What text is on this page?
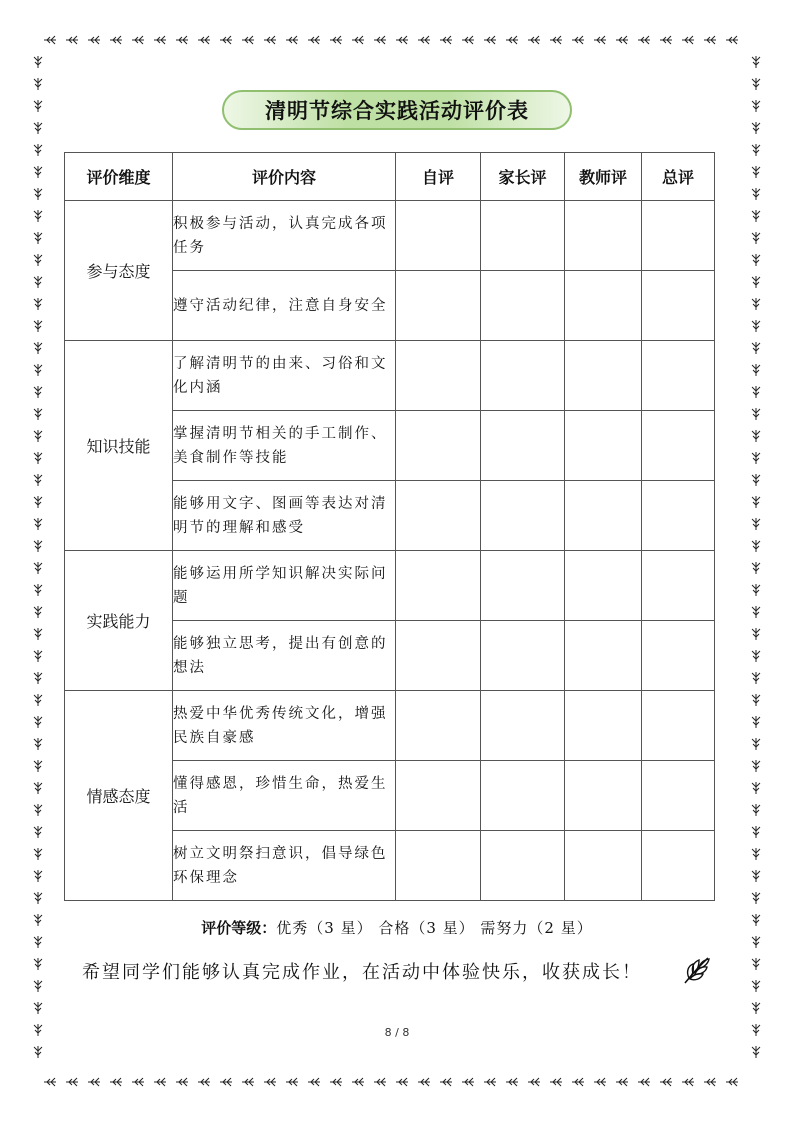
清明节综合实践活动评价表
评价维度	评价内容	自评	家长评	教师评	总评
参与态度	积极参与活动，认真完成各项任务				
	遵守活动纪律，注意自身安全				
知识技能	了解清明节的由来、习俗和文化内涵				
	掌握清明节相关的手工制作、美食制作等技能				
	能够用文字、图画等表达对清明节的理解和感受				
实践能力	能够运用所学知识解决实际问题				
	能够独立思考，提出有创意的想法				
情感态度	热爱中华优秀传统文化，增强民族自豪感				
	懂得感恩，珍惜生命，热爱生活				
	树立文明祭扫意识，倡导绿色环保理念				
评价等级：优秀（3 星） 合格（3 星） 需努力（2 星）
希望同学们能够认真完成作业，在活动中体验快乐，收获成长！
8 / 8
